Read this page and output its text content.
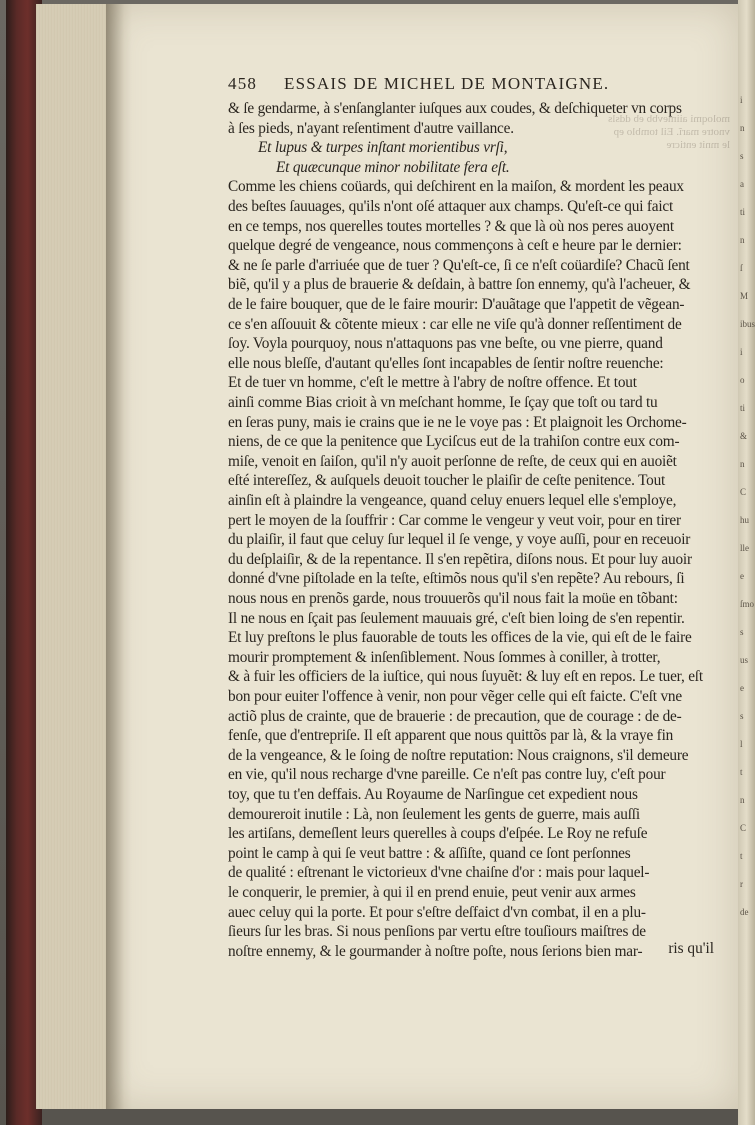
moloqmi aiimevbb eb ddsls
vnotre marĩ. Eil tomblo ep
le mnit enticre
458 ESSAIS DE MICHEL DE MONTAIGNE.
& ſe gendarme, à s'enſanglanter iuſques aux coudes, & deſchiqueter vn corps
à ſes pieds, n'ayant reſentiment d'autre vaillance.
Et lupus & turpes inſtant morientibus vrſi,
Et quæcunque minor nobilitate fera eſt.
Comme les chiens coüards, qui deſchirent en la maiſon, & mordent les peaux
des beſtes ſauuages, qu'ils n'ont oſé attaquer aux champs. Qu'eſt-ce qui faict
en ce temps, nos querelles toutes mortelles ? & que là où nos peres auoyent
quelque degré de vengeance, nous commençons à ceſt e heure par le dernier:
& ne ſe parle d'arriuée que de tuer ? Qu'eſt-ce, ſi ce n'eſt coüardiſe? Chacũ ſent
biẽ, qu'il y a plus de brauerie & deſdain, à battre ſon ennemy, qu'à l'acheuer, &
de le faire bouquer, que de le faire mourir: D'auãtage que l'appetit de vẽgean-
ce s'en aſſouuit & cõtente mieux : car elle ne viſe qu'à donner reſſentiment de
ſoy. Voyla pourquoy, nous n'attaquons pas vne beſte, ou vne pierre, quand
elle nous bleſſe, d'autant qu'elles ſont incapables de ſentir noſtre reuenche:
Et de tuer vn homme, c'eſt le mettre à l'abry de noſtre offence. Et tout
ainſi comme Bias crioit à vn meſchant homme, Ie ſçay que toſt ou tard tu
en ſeras puny, mais ie crains que ie ne le voye pas : Et plaignoit les Orchome-
niens, de ce que la penitence que Lyciſcus eut de la trahiſon contre eux com-
miſe, venoit en ſaiſon, qu'il n'y auoit perſonne de reſte, de ceux qui en auoiẽt
eſté intereſſez, & auſquels deuoit toucher le plaiſir de ceſte penitence. Tout
ainſin eſt à plaindre la vengeance, quand celuy enuers lequel elle s'employe,
pert le moyen de la ſouffrir : Car comme le vengeur y veut voir, pour en tirer
du plaiſir, il faut que celuy ſur lequel il ſe venge, y voye auſſi, pour en receuoir
du deſplaiſir, & de la repentance. Il s'en repẽtira, diſons nous. Et pour luy auoir
donné d'vne piſtolade en la teſte, eſtimõs nous qu'il s'en repẽte? Au rebours, ſi
nous nous en prenõs garde, nous trouuerõs qu'il nous fait la moüe en tõbant:
Il ne nous en ſçait pas ſeulement mauuais gré, c'eſt bien loing de s'en repentir.
Et luy preſtons le plus fauorable de touts les offices de la vie, qui eſt de le faire
mourir promptement & inſenſiblement. Nous ſommes à coniller, à trotter,
& à fuir les officiers de la iuſtice, qui nous ſuyuẽt: & luy eſt en repos. Le tuer, eſt
bon pour euiter l'offence à venir, non pour vẽger celle qui eſt faicte. C'eſt vne
actiõ plus de crainte, que de brauerie : de precaution, que de courage : de de-
fenſe, que d'entrepriſe. Il eſt apparent que nous quittõs par là, & la vraye fin
de la vengeance, & le ſoing de noſtre reputation: Nous craignons, s'il demeure
en vie, qu'il nous recharge d'vne pareille. Ce n'eſt pas contre luy, c'eſt pour
toy, que tu t'en deffais. Au Royaume de Narſingue cet expedient nous
demoureroit inutile : Là, non ſeulement les gents de guerre, mais auſſi
les artiſans, demeſlent leurs querelles à coups d'eſpée. Le Roy ne refuſe
point le camp à qui ſe veut battre : & aſſiſte, quand ce ſont perſonnes
de qualité : eſtrenant le victorieux d'vne chaiſne d'or : mais pour laquel-
le conquerir, le premier, à qui il en prend enuie, peut venir aux armes
auec celuy qui la porte. Et pour s'eſtre deſfaict d'vn combat, il en a plu-
ſieurs ſur les bras. Si nous penſions par vertu eſtre touſiours maiſtres de
noſtre ennemy, & le gourmander à noſtre poſte, nous ſerions bien mar-	ris qu'il
i
n
s
a
ti
n
ſ
M
ibus
i
o
ti
&
n
C
hu
lle
e
ſmo
s
us
e
s
l
t
n
C
t
r
de
